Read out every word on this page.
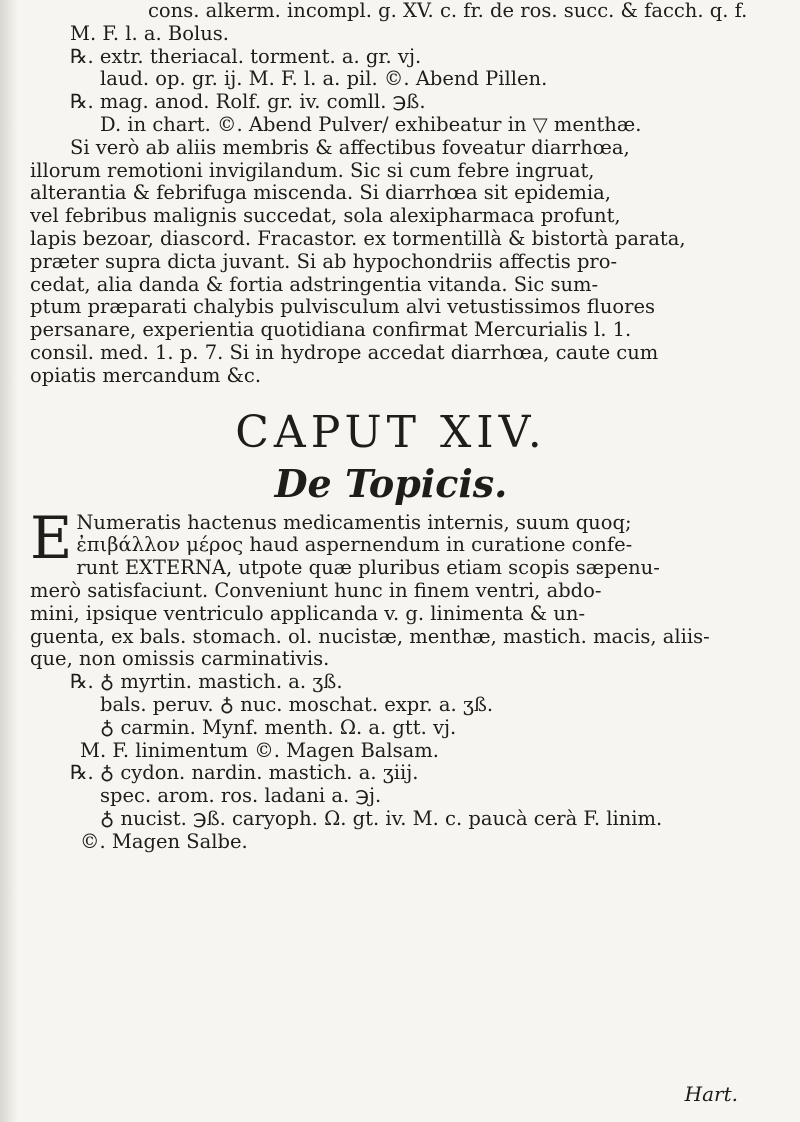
cons. alkerm. incompl. g. XV. c. fr. de ros. succ. & facch. q. f.
M. F. l. a. Bolus.
℞. extr. theriacal. torment. a. gr. vj.
laud. op. gr. ij. M. F. l. a. pil. ©. Abend Pillen.
℞. mag. anod. Rolf. gr. iv. comll. ℈ß.
D. in chart. ©. Abend Pulver/ exhibeatur in ▽ menthæ.
Si verò ab aliis membris & affectibus foveatur diarrhœa,
illorum remotioni invigilandum. Sic si cum febre ingruat,
alterantia & febrifuga miscenda. Si diarrhœa sit epidemia,
vel febribus malignis succedat, sola alexipharmaca profunt,
lapis bezoar, diascord. Fracastor. ex tormentillà & bistortà parata,
præter supra dicta juvant. Si ab hypochondriis affectis pro-
cedat, alia danda & fortia adstringentia vitanda. Sic sum-
ptum præparati chalybis pulvisculum alvi vetustissimos fluores
persanare, experientia quotidiana confirmat Mercurialis l. 1.
consil. med. 1. p. 7. Si in hydrope accedat diarrhœa, caute cum
opiatis mercandum &c.
CAPUT XIV.
De Topicis.
E Numeratis hactenus medicamentis internis, suum quoq;
ἐπιβάλλον μέρος haud aspernendum in curatione confe-
runt EXTERNA, utpote quæ pluribus etiam scopis sæpenu-
merò satisfaciunt. Conveniunt hunc in finem ventri, abdo-
mini, ipsique ventriculo applicanda v. g. linimenta & un-
guenta, ex bals. stomach. ol. nucistæ, menthæ, mastich. macis, aliis-
que, non omissis carminativis.
℞. ♁ myrtin. mastich. a. ʒß.
bals. peruv. ♁ nuc. moschat. expr. a. ʒß.
♁ carmin. Mynf. menth. Ω. a. gtt. vj.
M. F. linimentum ©. Magen Balsam.
℞. ♁ cydon. nardin. mastich. a. ʒiij.
spec. arom. ros. ladani a. ℈j.
♁ nucist. ℈ß. caryoph. Ω. gt. iv. M. c. paucà cerà F. linim.
©. Magen Salbe.
Hart.
